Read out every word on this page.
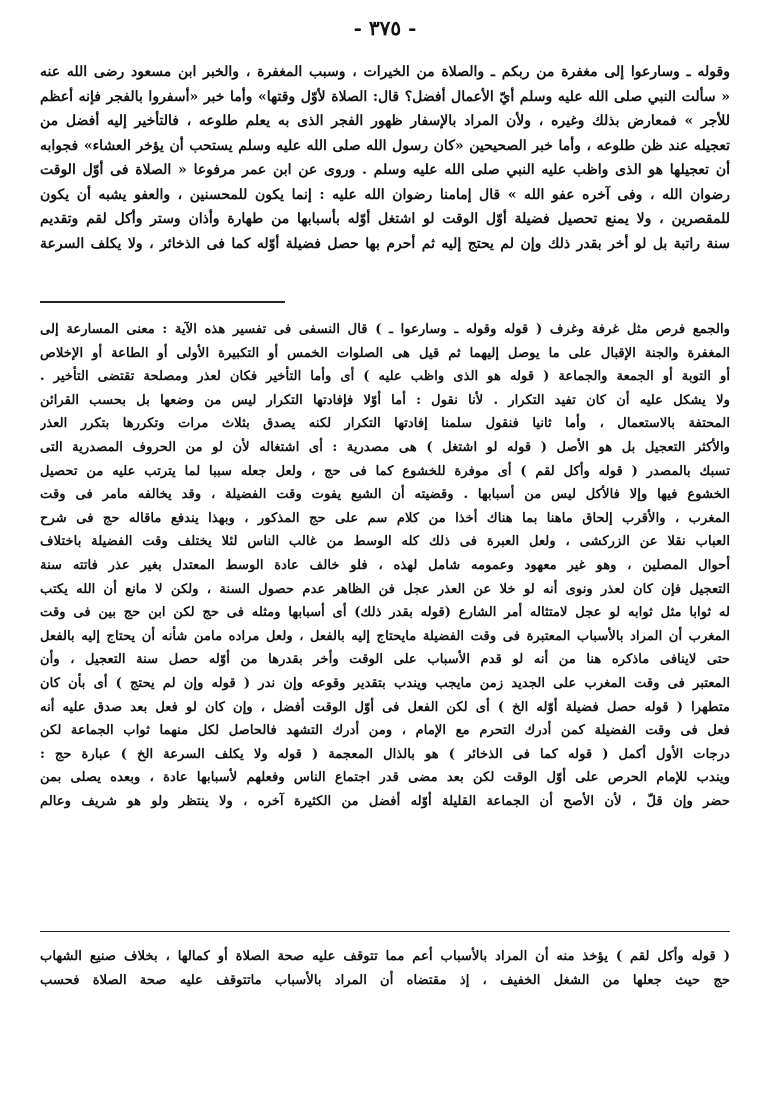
- ٣٧٥ -
وقوله ـ وسارعوا إلى مغفرة من ربكم ـ والصلاة من الخيرات ، وسبب المغفرة ، والخبر ابن مسعود رضى الله عنه
« سألت النبي صلى الله عليه وسلم أيّ الأعمال أفضل؟ قال: الصلاة لأوّل وقتها» وأما خبر «أسفروا بالفجر فإنه أعظم
للأجر » فمعارض بذلك وغيره ، ولأن المراد بالإسفار ظهور الفجر الذى به يعلم طلوعه ، فالتأخير إليه أفضل من
تعجيله عند ظن طلوعه ، وأما خبر الصحيحين «كان رسول الله صلى الله عليه وسلم يستحب أن يؤخر العشاء» فجوابه
أن تعجيلها هو الذى واظب عليه النبي صلى الله عليه وسلم . وروى عن ابن عمر مرفوعا « الصلاة فى أوّل الوقت
رضوان الله ، وفى آخره عفو الله » قال إمامنا رضوان الله عليه : إنما يكون للمحسنين ، والعفو يشبه أن يكون
للمقصرين ، ولا يمنع تحصيل فضيلة أوّل الوقت لو اشتغل أوّله بأسبابها من طهارة وأذان وستر وأكل لقم وتقديم
سنة راتبة بل لو أخر بقدر ذلك وإن لم يحتج إليه ثم أحرم بها حصل فضيلة أوّله كما فى الذخائر ، ولا يكلف السرعة
والجمع فرص مثل غرفة وغرف ( قوله وقوله ـ وسارعوا ـ ) قال النسفى فى تفسير هذه الآية : معنى المسارعة إلى
المغفرة والجنة الإقبال على ما يوصل إليهما ثم قيل هى الصلوات الخمس أو التكبيرة الأولى أو الطاعة أو الإخلاص
أو التوبة أو الجمعة والجماعة ( قوله هو الذى واظب عليه ) أى وأما التأخير فكان لعذر ومصلحة تقتضى التأخير .
ولا يشكل عليه أن كان تفيد التكرار . لأنا نقول : أما أوّلا فإفادتها التكرار ليس من وضعها بل بحسب القرائن
المحتفة بالاستعمال ، وأما ثانيا فنقول سلمنا إفادتها التكرار لكنه يصدق بثلاث مرات وتكررها بتكرر العذر
والأكثر التعجيل بل هو الأصل ( قوله لو اشتغل ) هى مصدرية : أى اشتغاله لأن لو من الحروف المصدرية التى
تسبك بالمصدر ( قوله وأكل لقم ) أى موفرة للخشوع كما فى حج ، ولعل جعله سببا لما يترتب عليه من تحصيل
الخشوع فيها وإلا فالأكل ليس من أسبابها . وقضيته أن الشبع يفوت وقت الفضيلة ، وقد يخالفه مامر فى وقت
المغرب ، والأقرب إلحاق ماهنا بما هناك أخذا من كلام سم على حج المذكور ، وبهذا يندفع ماقاله حج فى شرح
العباب نقلا عن الزركشى ، ولعل العبرة فى ذلك كله الوسط من غالب الناس لئلا يختلف وقت الفضيلة باختلاف
أحوال المصلين ، وهو غير معهود وعمومه شامل لهذه ، فلو خالف عادة الوسط المعتدل بغير عذر فاتته سنة
التعجيل فإن كان لعذر ونوى أنه لو خلا عن العذر عجل فن الظاهر عدم حصول السنة ، ولكن لا مانع أن الله يكتب
له ثوابا مثل ثوابه لو عجل لامتثاله أمر الشارع (قوله بقدر ذلك) أى أسبابها ومثله فى حج لكن ابن حج بين فى وقت
المغرب أن المراد بالأسباب المعتبرة فى وقت الفضيلة مايحتاج إليه بالفعل ، ولعل مراده مامن شأنه أن يحتاج إليه بالفعل
حتى لاينافى ماذكره هنا من أنه لو قدم الأسباب على الوقت وأخر بقدرها من أوّله حصل سنة التعجيل ، وأن
المعتبر فى وقت المغرب على الجديد زمن مايجب ويندب بتقدير وقوعه وإن ندر ( قوله وإن لم يحتج ) أى بأن كان
متطهرا ( قوله حصل فضيلة أوّله الخ ) أى لكن الفعل فى أوّل الوقت أفضل ، وإن كان لو فعل بعد صدق عليه أنه
فعل فى وقت الفضيلة كمن أدرك التحرم مع الإمام ، ومن أدرك التشهد فالحاصل لكل منهما ثواب الجماعة لكن
درجات الأول أكمل ( قوله كما فى الذخائر ) هو بالذال المعجمة ( قوله ولا يكلف السرعة الخ ) عبارة حج :
ويندب للإمام الحرص على أوّل الوقت لكن بعد مضى قدر اجتماع الناس وفعلهم لأسبابها عادة ، وبعده يصلى بمن
حضر وإن قلّ ، لأن الأصح أن الجماعة القليلة أوّله أفضل من الكثيرة آخره ، ولا ينتظر ولو هو شريف وعالم
( قوله وأكل لقم ) يؤخذ منه أن المراد بالأسباب أعم مما تتوقف عليه صحة الصلاة أو كمالها ، بخلاف صنيع الشهاب
حج حيث جعلها من الشغل الخفيف ، إذ مقتضاه أن المراد بالأسباب ماتتوقف عليه صحة الصلاة فحسب
